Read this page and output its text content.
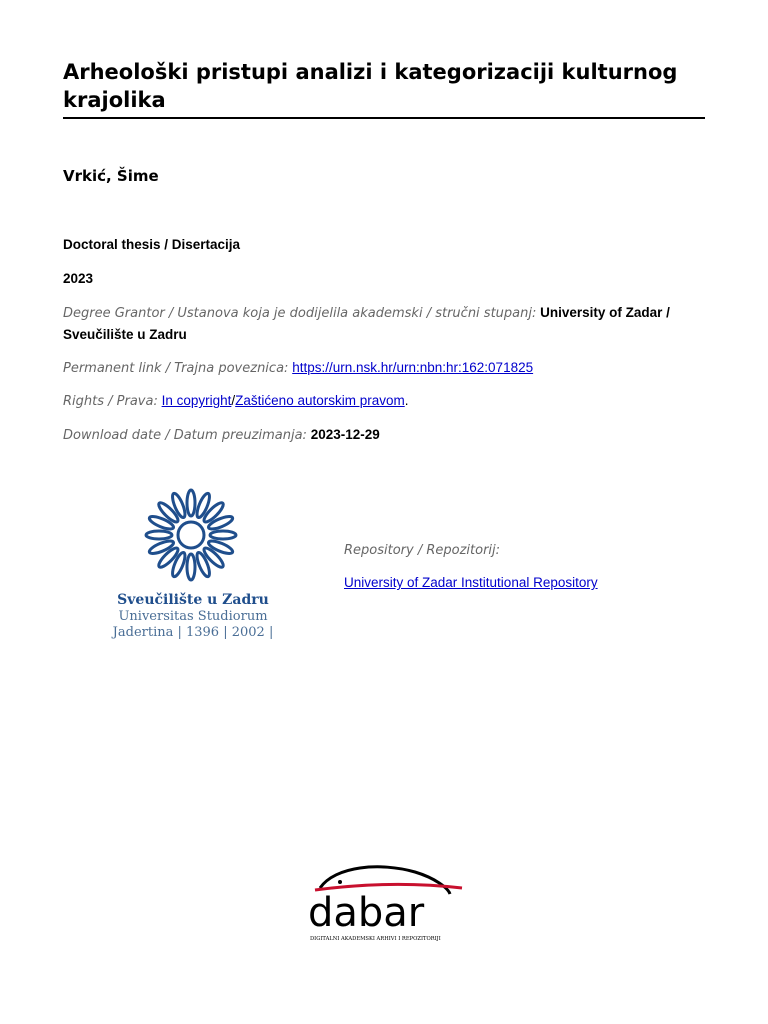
Arheološki pristupi analizi i kategorizaciji kulturnog krajolika
Vrkić, Šime
Doctoral thesis / Disertacija
2023
Degree Grantor / Ustanova koja je dodijelila akademski / stručni stupanj: University of Zadar / Sveučilište u Zadru
Permanent link / Trajna poveznica: https://urn.nsk.hr/urn:nbn:hr:162:071825
Rights / Prava: In copyright/Zaštićeno autorskim pravom.
Download date / Datum preuzimanja: 2023-12-29
Sveučilište u Zadru
Universitas Studiorum
Jadertina | 1396 | 2002 |
Repository / Repozitorij:
University of Zadar Institutional Repository
dabar
DIGITALNI AKADEMSKI ARHIVI I REPOZITORIJI
